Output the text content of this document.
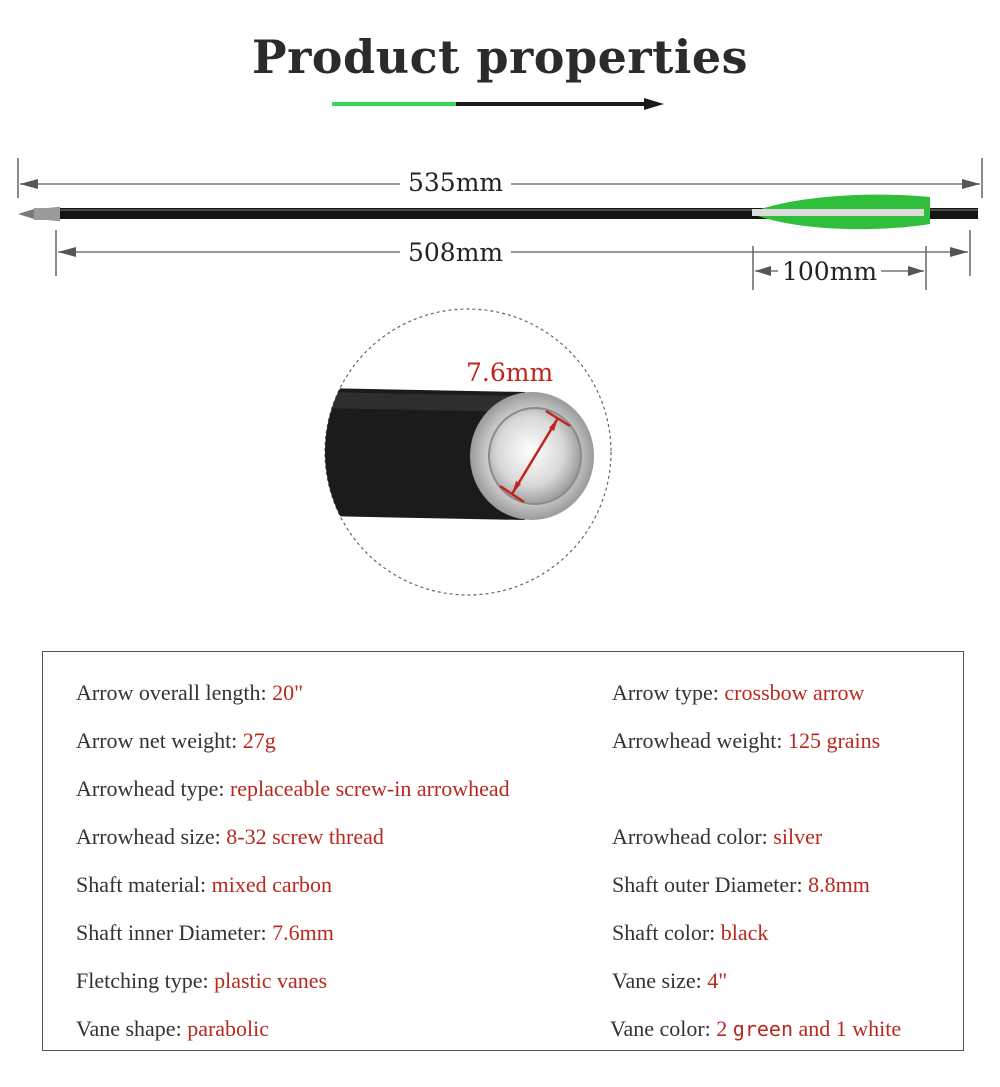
Product properties
535mm
508mm
100mm
7.6mm
Arrow overall length: 20"	Arrow type: crossbow arrow
Arrow net weight: 27g	Arrowhead weight: 125 grains
Arrowhead type: replaceable screw-in arrowhead
Arrowhead size: 8-32 screw thread	Arrowhead color: silver
Shaft material: mixed carbon	Shaft outer Diameter: 8.8mm
Shaft inner Diameter: 7.6mm	Shaft color: black
Fletching type: plastic vanes	Vane size: 4"
Vane shape: parabolic	Vane color: 2 green and 1 white
